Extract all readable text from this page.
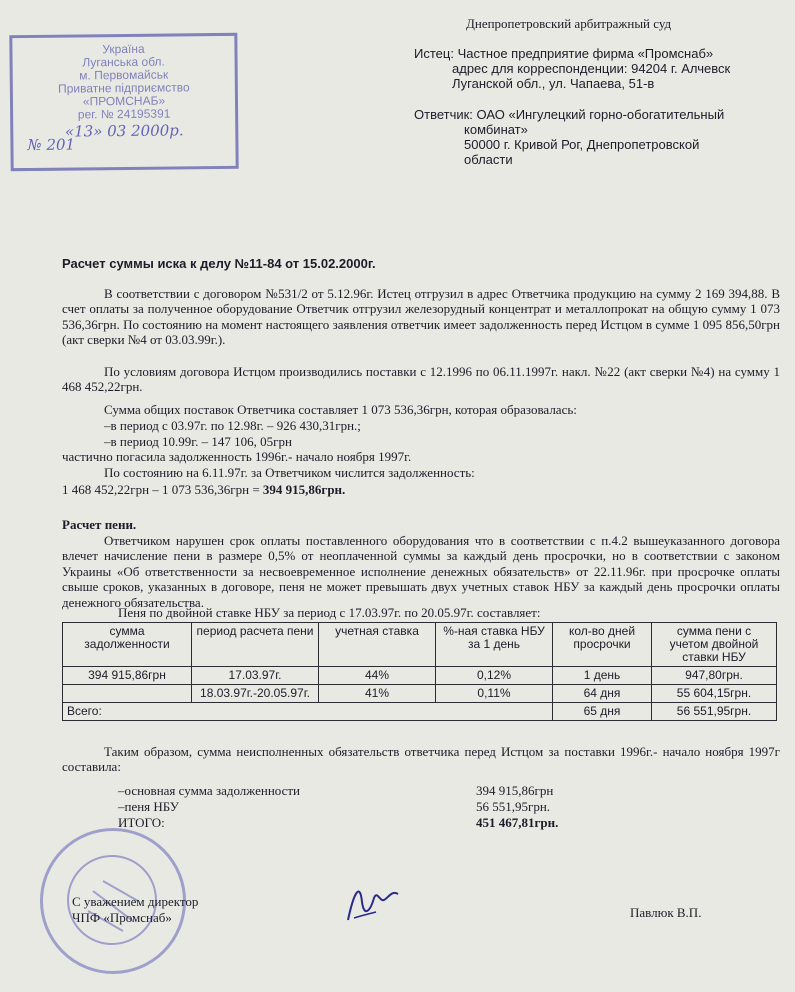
Україна
Луганська обл.
м. Первомайськ
Приватне підприємство
«ПРОМСНАБ»
рег. № 24195391
«13» 03 2000р.
№ 201
Днепропетровский арбитражный суд
Истец:
Частное предприятие фирма «Промснаб»
адрес для корреспонденции: 94204 г. Алчевск
Луганской обл., ул. Чапаева, 51-в
Ответчик:
ОАО «Ингулецкий горно-обогатительный
комбинат»
50000 г. Кривой Рог, Днепропетровской
области
Расчет суммы иска к делу №11-84 от 15.02.2000г.
В соответствии с договором №531/2 от 5.12.96г. Истец отгрузил в адрес Ответчика продукцию на сумму 2 169 394,88. В счет оплаты за полученное оборудование Ответчик отгрузил железорудный концентрат и металлопрокат на общую сумму 1 073 536,36грн. По состоянию на момент настоящего заявления ответчик имеет задолженность перед Истцом в сумме 1 095 856,50грн (акт сверки №4 от 03.03.99г.).
По условиям договора Истцом производились поставки с 12.1996 по 06.11.1997г. накл. №22 (акт сверки №4) на сумму 1 468 452,22грн.
Сумма общих поставок Ответчика составляет 1 073 536,36грн, которая образовалась:
–в период с 03.97г. по 12.98г. – 926 430,31грн.;
–в период 10.99г. – 147 106, 05грн
частично погасила задолженность 1996г.- начало ноября 1997г.
По состоянию на 6.11.97г. за Ответчиком числится задолженность:
1 468 452,22грн – 1 073 536,36грн = 394 915,86грн.
Расчет пени.
Ответчиком нарушен срок оплаты поставленного оборудования что в соответствии с п.4.2 вышеуказанного договора влечет начисление пени в размере 0,5% от неоплаченной суммы за каждый день просрочки, но в соответствии с законом Украины «Об ответственности за несвоевременное исполнение денежных обязательств» от 22.11.96г. при просрочке оплаты свыше сроков, указанных в договоре, пеня не может превышать двух учетных ставок НБУ за каждый день просрочки оплаты денежного обязательства.
Пеня по двойной ставке НБУ за период с 17.03.97г. по 20.05.97г. составляет:
сумма задолженности	период расчета пени	учетная ставка	%-ная ставка НБУ за 1 день	кол-во дней просрочки	сумма пени с учетом двойной ставки НБУ
394 915,86грн	17.03.97г.	44%	0,12%	1 день	947,80грн.
	18.03.97г.-20.05.97г.	41%	0,11%	64 дня	55 604,15грн.
Всего:				65 дня	56 551,95грн.
Таким образом, сумма неисполненных обязательств ответчика перед Истцом за поставки 1996г.- начало ноября 1997г составила:
–основная сумма задолженности	394 915,86грн
–пеня НБУ	56 551,95грн.
ИТОГО:	451 467,81грн.
С уважением директор
ЧПФ «Промснаб»	Павлюк В.П.
